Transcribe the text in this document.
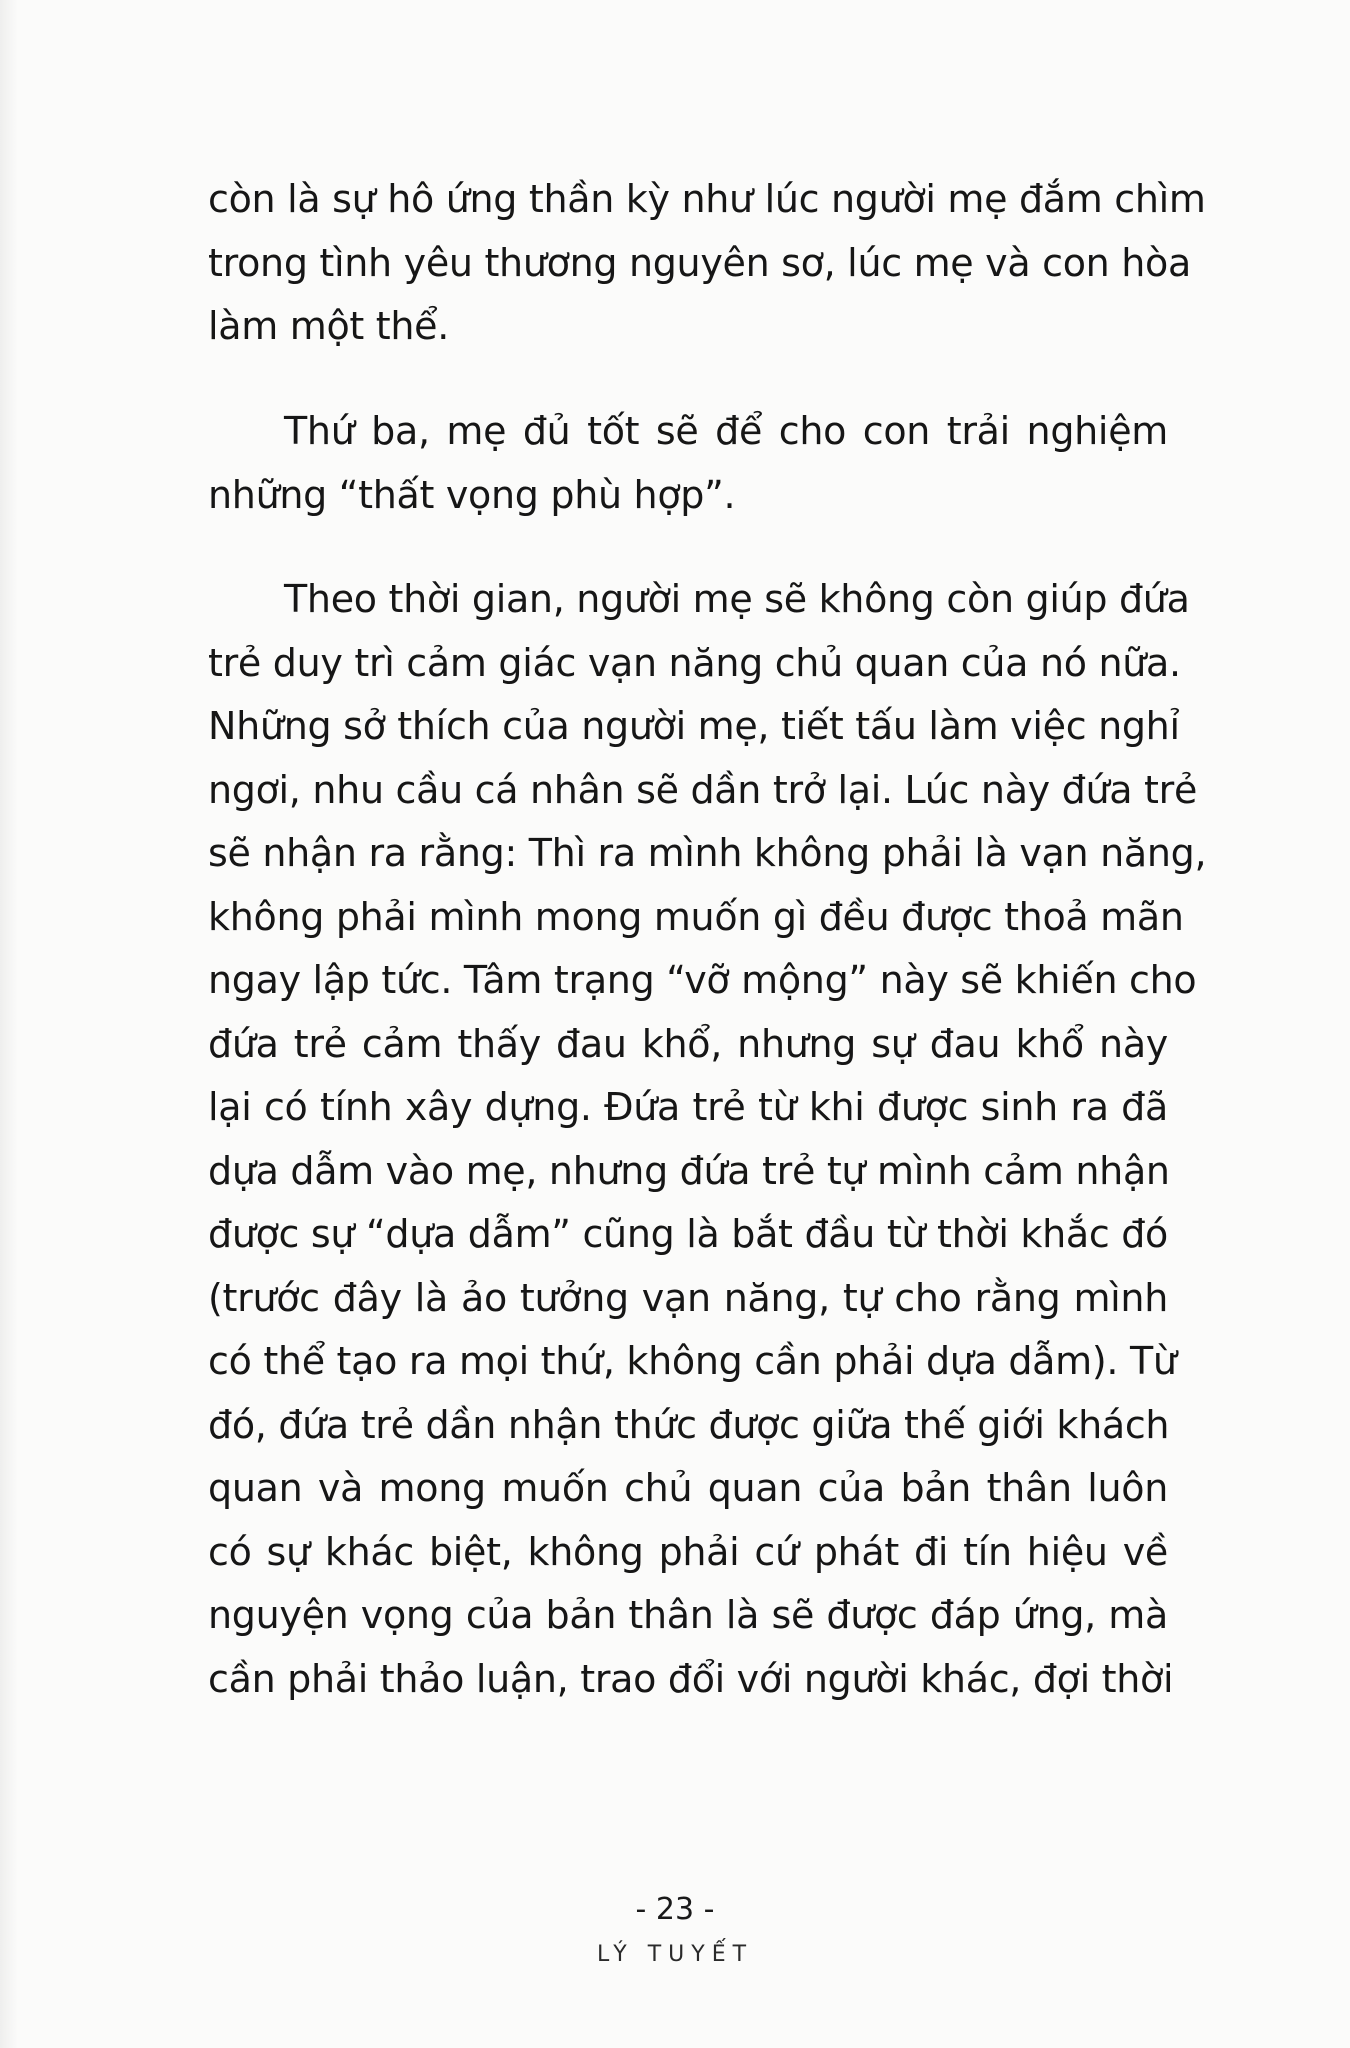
còn là sự hô ứng thần kỳ như lúc người mẹ đắm chìm
trong tình yêu thương nguyên sơ, lúc mẹ và con hòa
làm một thể.
Thứ ba, mẹ đủ tốt sẽ để cho con trải nghiệm
những “thất vọng phù hợp”.
Theo thời gian, người mẹ sẽ không còn giúp đứa
trẻ duy trì cảm giác vạn năng chủ quan của nó nữa.
Những sở thích của người mẹ, tiết tấu làm việc nghỉ
ngơi, nhu cầu cá nhân sẽ dần trở lại. Lúc này đứa trẻ
sẽ nhận ra rằng: Thì ra mình không phải là vạn năng,
không phải mình mong muốn gì đều được thoả mãn
ngay lập tức. Tâm trạng “vỡ mộng” này sẽ khiến cho
đứa trẻ cảm thấy đau khổ, nhưng sự đau khổ này
lại có tính xây dựng. Đứa trẻ từ khi được sinh ra đã
dựa dẫm vào mẹ, nhưng đứa trẻ tự mình cảm nhận
được sự “dựa dẫm” cũng là bắt đầu từ thời khắc đó
(trước đây là ảo tưởng vạn năng, tự cho rằng mình
có thể tạo ra mọi thứ, không cần phải dựa dẫm). Từ
đó, đứa trẻ dần nhận thức được giữa thế giới khách
quan và mong muốn chủ quan của bản thân luôn
có sự khác biệt, không phải cứ phát đi tín hiệu về
nguyện vọng của bản thân là sẽ được đáp ứng, mà
cần phải thảo luận, trao đổi với người khác, đợi thời
- 23 -
LÝ TUYẾT
